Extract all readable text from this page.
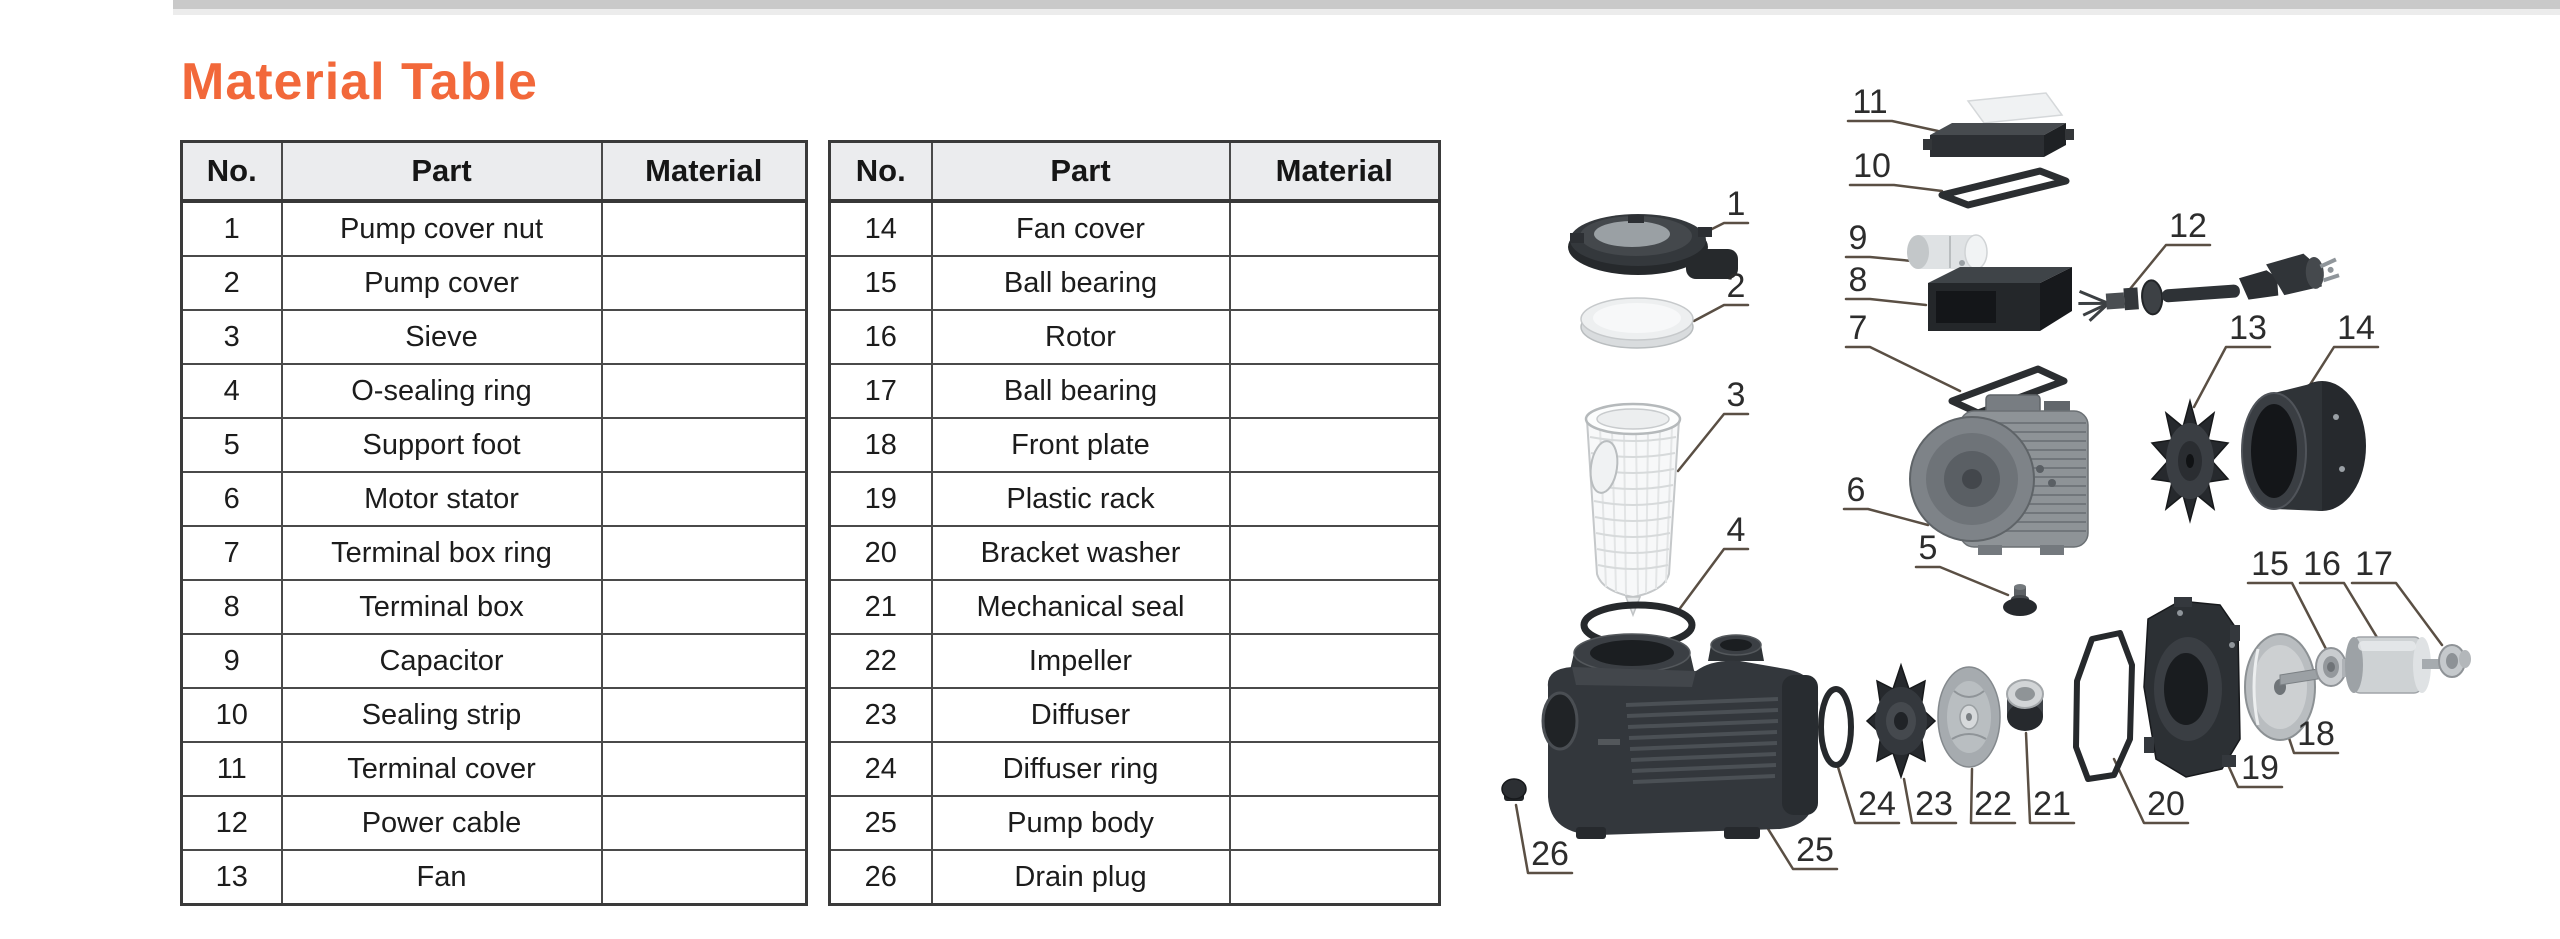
Material Table
No.	Part	Material
1	Pump cover nut	
2	Pump cover	
3	Sieve	
4	O-sealing ring	
5	Support foot	
6	Motor stator	
7	Terminal box ring	
8	Terminal box	
9	Capacitor	
10	Sealing strip	
11	Terminal cover	
12	Power cable	
13	Fan	
No.	Part	Material
14	Fan cover	
15	Ball bearing	
16	Rotor	
17	Ball bearing	
18	Front plate	
19	Plastic rack	
20	Bracket washer	
21	Mechanical seal	
22	Impeller	
23	Diffuser	
24	Diffuser ring	
25	Pump body	
26	Drain plug	
1
2
3
4	5
6
7
8
9
10
11
12
13 14
15 16 17
18
19
20
21
22
23
24
25
26
